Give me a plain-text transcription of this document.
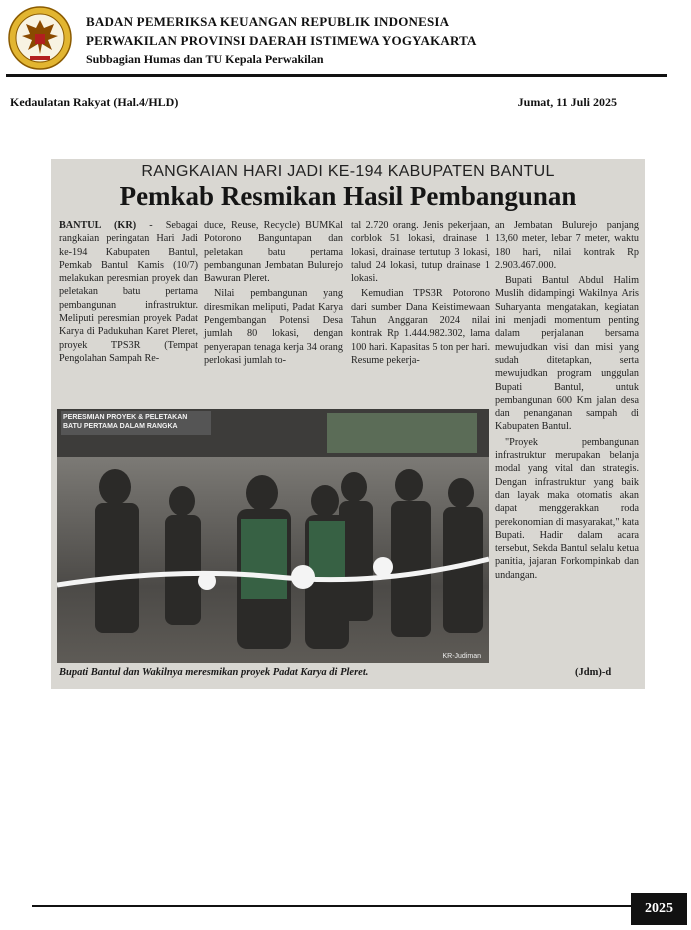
BADAN PEMERIKSA KEUANGAN REPUBLIK INDONESIA
PERWAKILAN PROVINSI DAERAH ISTIMEWA YOGYAKARTA
Subbagian Humas dan TU Kepala Perwakilan
Kedaulatan Rakyat (Hal.4/HLD)	Jumat, 11 Juli 2025
RANGKAIAN HARI JADI KE-194 KABUPATEN BANTUL
Pemkab Resmikan Hasil Pembangunan

BANTUL (KR) - Sebagai rangkaian peringatan Hari Jadi ke-194 Kabupaten Bantul, Pemkab Bantul Kamis (10/7) melakukan peresmian proyek dan peletakan batu pertama pembangunan infrastruktur. Meliputi peresmian proyek Padat Karya di Padukuhan Karet Pleret, proyek TPS3R (Tempat Pengolahan Sampah Re-

duce, Reuse, Recycle) BUMKal Potorono Banguntapan dan peletakan batu pertama pembangunan Jembatan Bulurejo Bawuran Pleret.

Nilai pembangunan yang diresmikan meliputi, Padat Karya Pengembangan Potensi Desa jumlah 80 lokasi, dengan penyerapan tenaga kerja 34 orang perlokasi jumlah to-

tal 2.720 orang. Jenis pekerjaan, corblok 51 lokasi, drainase 1 lokasi, drainase tertutup 3 lokasi, talud 24 lokasi, tutup drainase 1 lokasi.

Kemudian TPS3R Potorono dari sumber Dana Keistimewaan Tahun Anggaran 2024 nilai kontrak Rp 1.444.982.302, lama 100 hari. Kapasitas 5 ton per hari. Resume pekerja-

an Jembatan Bulurejo panjang 13,60 meter, lebar 7 meter, waktu 180 hari, nilai kontrak Rp 2.903.467.000.

Bupati Bantul Abdul Halim Muslih didampingi Wakilnya Aris Suharyanta mengatakan, kegiatan ini menjadi momentum penting dalam perjalanan bersama mewujudkan visi dan misi yang sudah ditetapkan, serta mewujudkan program unggulan Bupati Bantul, untuk pembangunan 600 Km jalan desa dan penanganan sampah di Kabupaten Bantul.

"Proyek pembangunan infrastruktur merupakan belanja modal yang vital dan strategis. Dengan infrastruktur yang baik dan layak maka otomatis akan dapat menggerakkan roda perekonomian di masyarakat," kata Bupati. Hadir dalam acara tersebut, Sekda Bantul selalu ketua panitia, jajaran Forkompinkab dan undangan.

PERESMIAN PROYEK & PELETAKAN
BATU PERTAMA DALAM RANGKA
KR-Judiman
Bupati Bantul dan Wakilnya meresmikan proyek Padat Karya di Pleret.	(Jdm)-d
2025
